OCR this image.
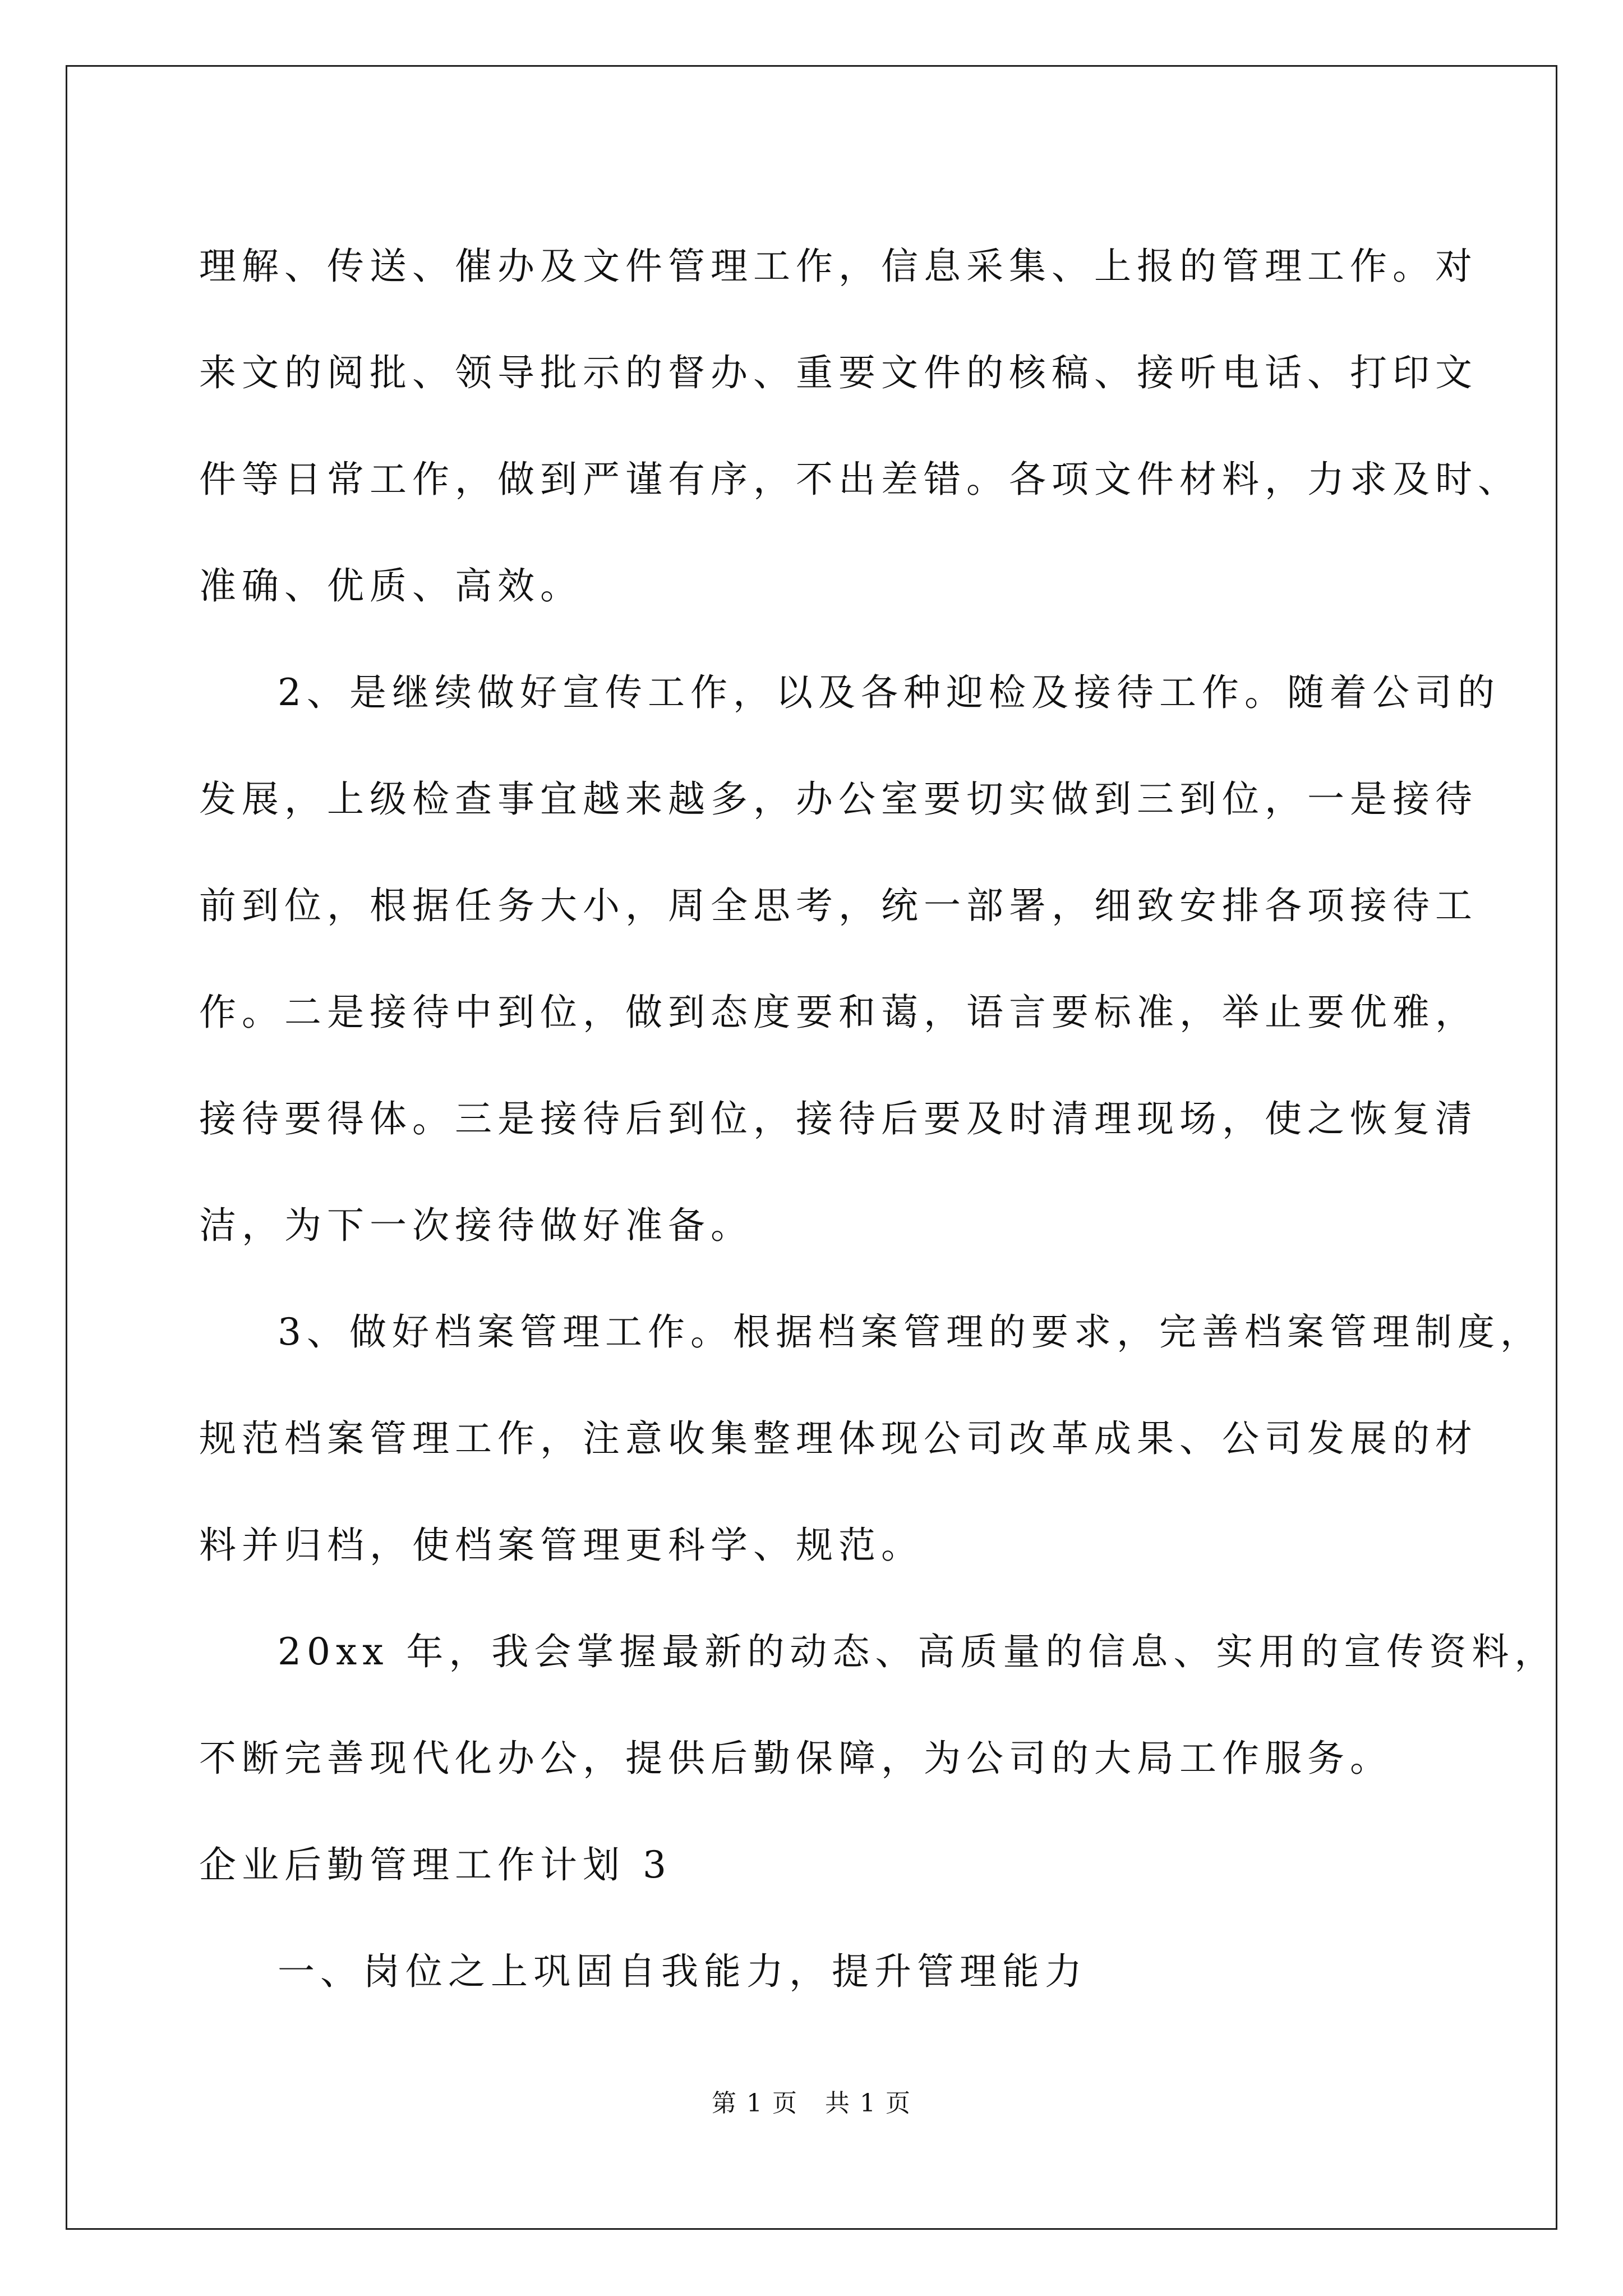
理解、传送、催办及文件管理工作，信息采集、上报的管理工作。对
来文的阅批、领导批示的督办、重要文件的核稿、接听电话、打印文
件等日常工作，做到严谨有序，不出差错。各项文件材料，力求及时、
准确、优质、高效。
2、是继续做好宣传工作，以及各种迎检及接待工作。随着公司的
发展，上级检查事宜越来越多，办公室要切实做到三到位，一是接待
前到位，根据任务大小，周全思考，统一部署，细致安排各项接待工
作。二是接待中到位，做到态度要和蔼，语言要标准，举止要优雅，
接待要得体。三是接待后到位，接待后要及时清理现场，使之恢复清
洁，为下一次接待做好准备。
3、做好档案管理工作。根据档案管理的要求，完善档案管理制度，
规范档案管理工作，注意收集整理体现公司改革成果、公司发展的材
料并归档，使档案管理更科学、规范。
20xx 年，我会掌握最新的动态、高质量的信息、实用的宣传资料，
不断完善现代化办公，提供后勤保障，为公司的大局工作服务。
企业后勤管理工作计划 3
一、岗位之上巩固自我能力，提升管理能力
第 1 页   共 1 页
